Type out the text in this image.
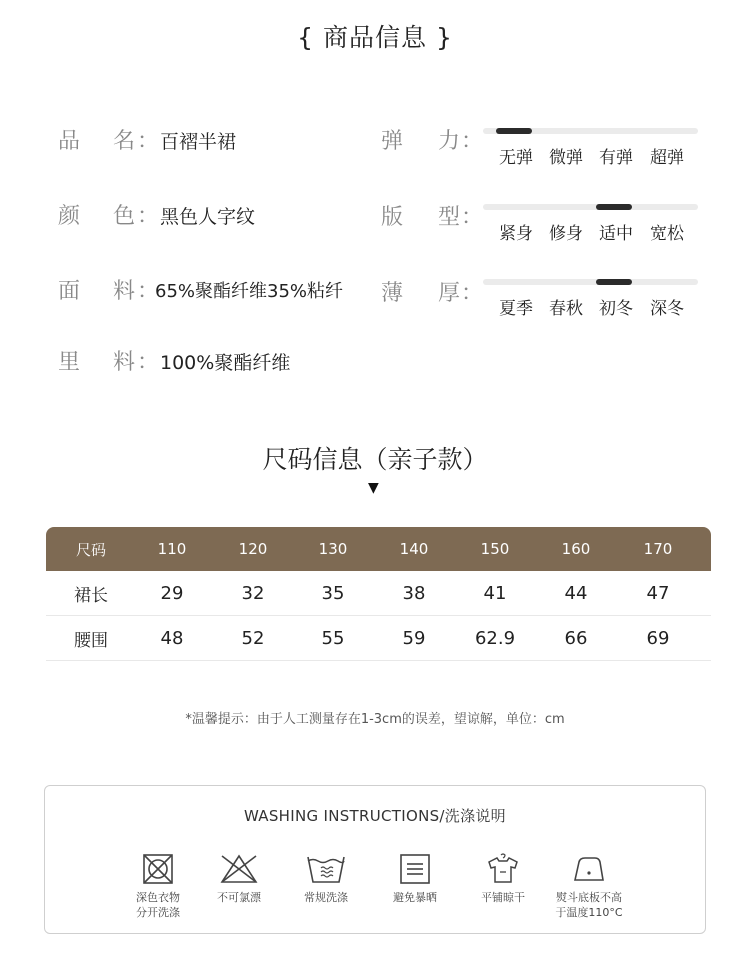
{ 商品信息 }
品 名 ： 百褶半裙
颜 色 ： 黑色人字纹
面 料 ：
65%聚酯纤维35%粘纤
里 料 ： 100%聚酯纤维
弹 力 ：
无弹 微弹 有弹 超弹
版 型 ：
紧身 修身 适中 宽松
薄 厚 ：
夏季 春秋 初冬 深冬
尺码信息（亲子款）
▼
尺码	110	120	130	140	150	160	170
裙长	29	32	35	38	41	44	47
腰围	48	52	55	59	62.9	66	69
*温馨提示：由于人工测量存在1-3cm的误差，望谅解，单位：cm
WASHING INSTRUCTIONS/洗涤说明
深色衣物
分开洗涤
不可氯漂	常规洗涤	避免暴晒	平铺晾干	熨斗底板不高
于温度110°C
